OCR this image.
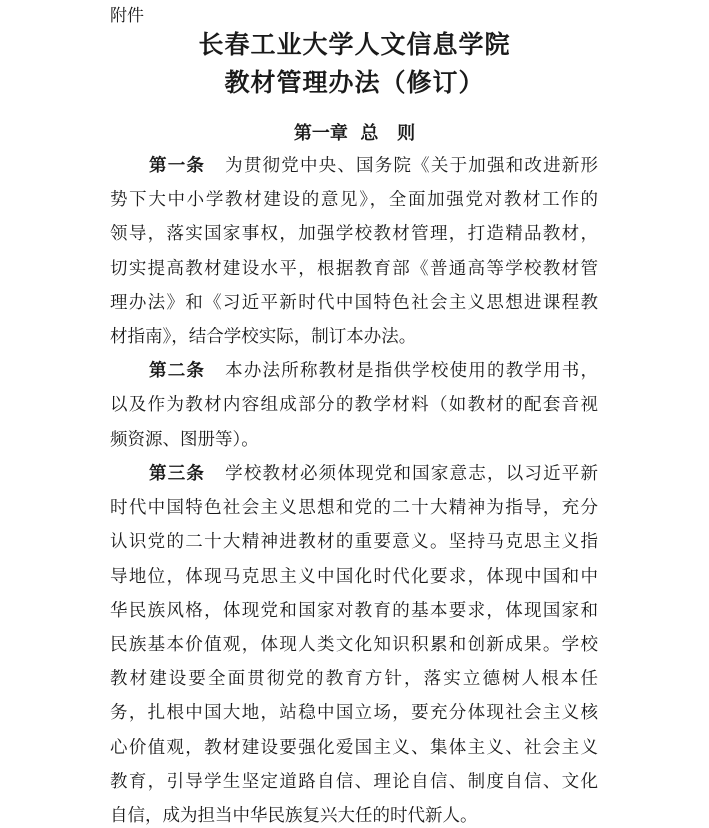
附件
长春工业大学人文信息学院
教材管理办法（修订）
第一章  总   则
第一条 为贯彻党中央、国务院《关于加强和改进新形
势下大中小学教材建设的意见》，全面加强党对教材工作的
领导，落实国家事权，加强学校教材管理，打造精品教材，
切实提高教材建设水平，根据教育部《普通高等学校教材管
理办法》和《习近平新时代中国特色社会主义思想进课程教
材指南》，结合学校实际，制订本办法。
第二条 本办法所称教材是指供学校使用的教学用书，
以及作为教材内容组成部分的教学材料（如教材的配套音视
频资源、图册等）。
第三条 学校教材必须体现党和国家意志，以习近平新
时代中国特色社会主义思想和党的二十大精神为指导，充分
认识党的二十大精神进教材的重要意义。坚持马克思主义指
导地位，体现马克思主义中国化时代化要求，体现中国和中
华民族风格，体现党和国家对教育的基本要求，体现国家和
民族基本价值观，体现人类文化知识积累和创新成果。学校
教材建设要全面贯彻党的教育方针，落实立德树人根本任
务，扎根中国大地，站稳中国立场，要充分体现社会主义核
心价值观，教材建设要强化爱国主义、集体主义、社会主义
教育，引导学生坚定道路自信、理论自信、制度自信、文化
自信，成为担当中华民族复兴大任的时代新人。
